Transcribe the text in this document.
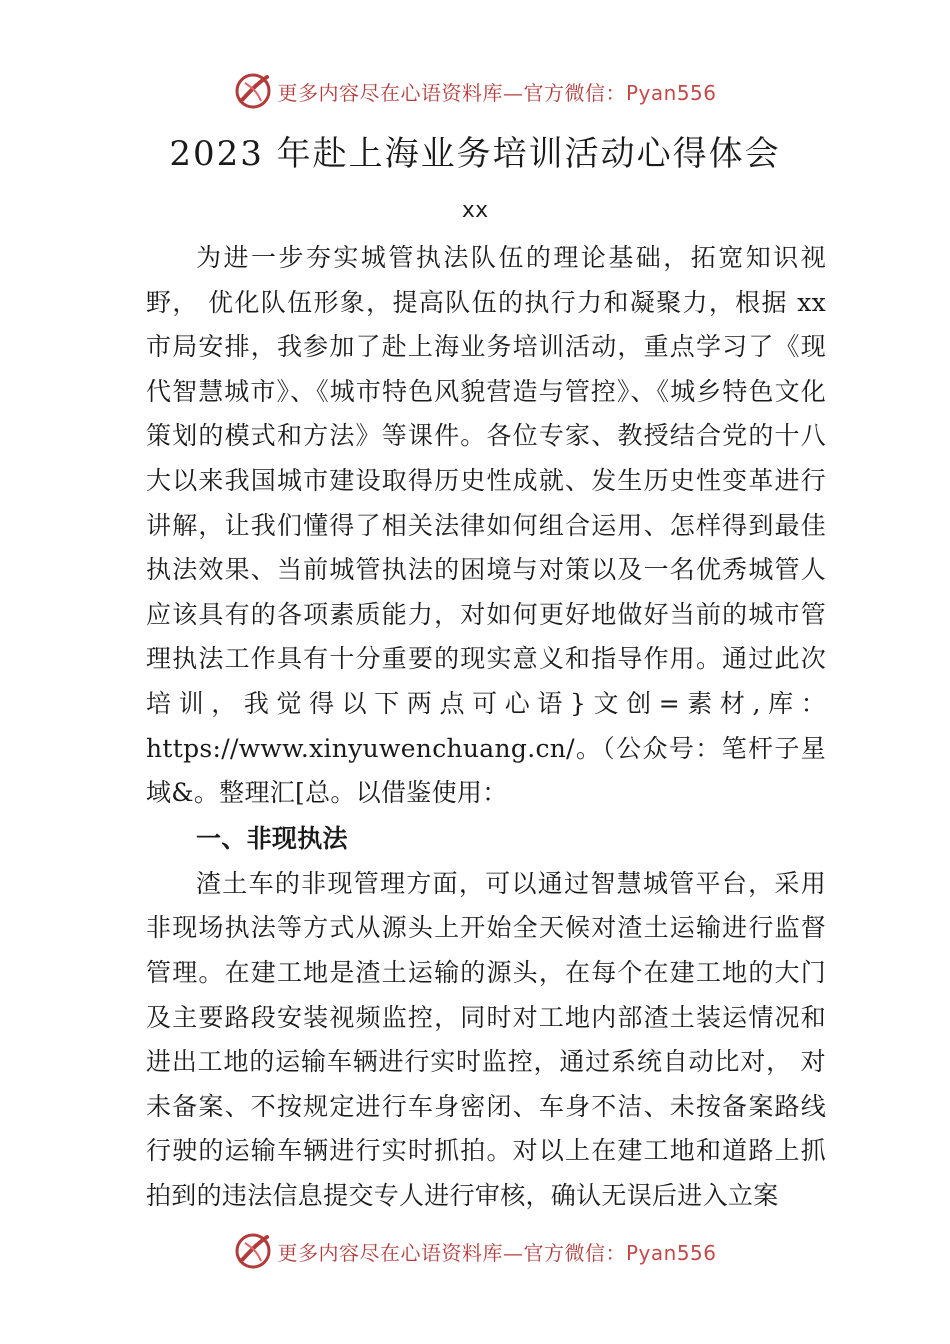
更多内容尽在心语资料库—官方微信：Pyan556
2023 年赴上海业务培训活动心得体会
xx

为进一步夯实城管执法队伍的理论基础，拓宽知识视野， 优化队伍形象，提高队伍的执行力和凝聚力，根据 xx 市局安排，我参加了赴上海业务培训活动，重点学习了《现代智慧城市》、《城市特色风貌营造与管控》、《城乡特色文化策划的模式和方法》等课件。各位专家、教授结合党的十八大以来我国城市建设取得历史性成就、发生历史性变革进行讲解，让我们懂得了相关法律如何组合运用、怎样得到最佳执法效果、当前城管执法的困境与对策以及一名优秀城管人应该具有的各项素质能力，对如何更好地做好当前的城市管理执法工作具有十分重要的现实意义和指导作用。通过此次培训，我觉得以下两点可心语}文创=素材,库：https://www.xinyuwenchuang.cn/。（公众号：笔杆子星域&。整理汇[总。以借鉴使用：

一、非现执法

渣土车的非现管理方面，可以通过智慧城管平台，采用非现场执法等方式从源头上开始全天候对渣土运输进行监督管理。在建工地是渣土运输的源头，在每个在建工地的大门及主要路段安装视频监控，同时对工地内部渣土装运情况和进出工地的运输车辆进行实时监控，通过系统自动比对， 对未备案、不按规定进行车身密闭、车身不洁、未按备案路线行驶的运输车辆进行实时抓拍。对以上在建工地和道路上抓拍到的违法信息提交专人进行审核，确认无误后进入立案

更多内容尽在心语资料库—官方微信：Pyan556
